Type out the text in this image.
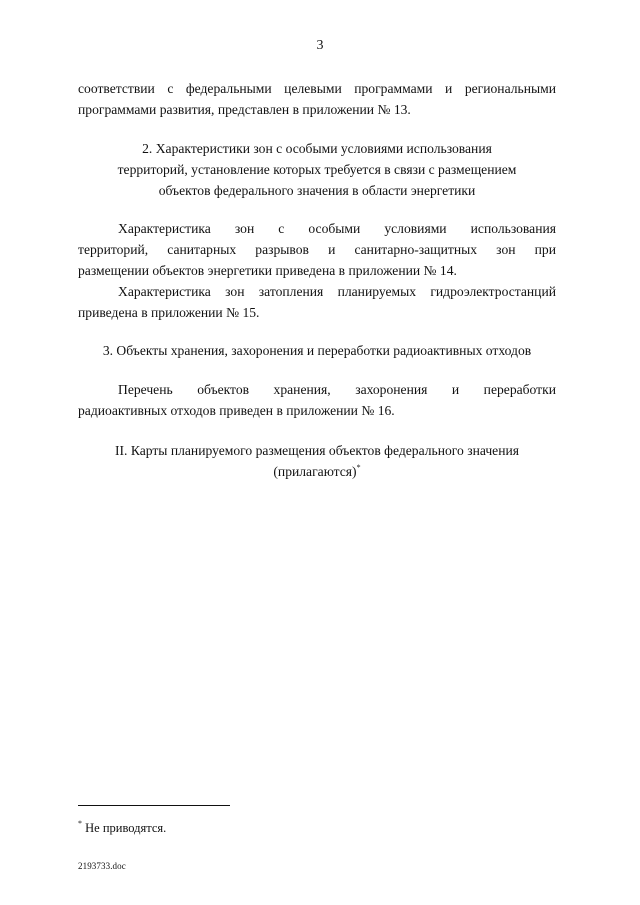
3
соответствии с федеральными целевыми программами и региональными
программами развития, представлен в приложении № 13.
2. Характеристики зон с особыми условиями использования
территорий, установление которых требуется в связи с размещением
объектов федерального значения в области энергетики
Характеристика зон с особыми условиями использования
территорий, санитарных разрывов и санитарно-защитных зон при
размещении объектов энергетики приведена в приложении № 14.
Характеристика зон затопления планируемых гидроэлектростанций
приведена в приложении № 15.
3. Объекты хранения, захоронения и переработки радиоактивных отходов
Перечень объектов хранения, захоронения и переработки
радиоактивных отходов приведен в приложении № 16.
II. Карты планируемого размещения объектов федерального значения
(прилагаются)*
* Не приводятся.
2193733.doc
